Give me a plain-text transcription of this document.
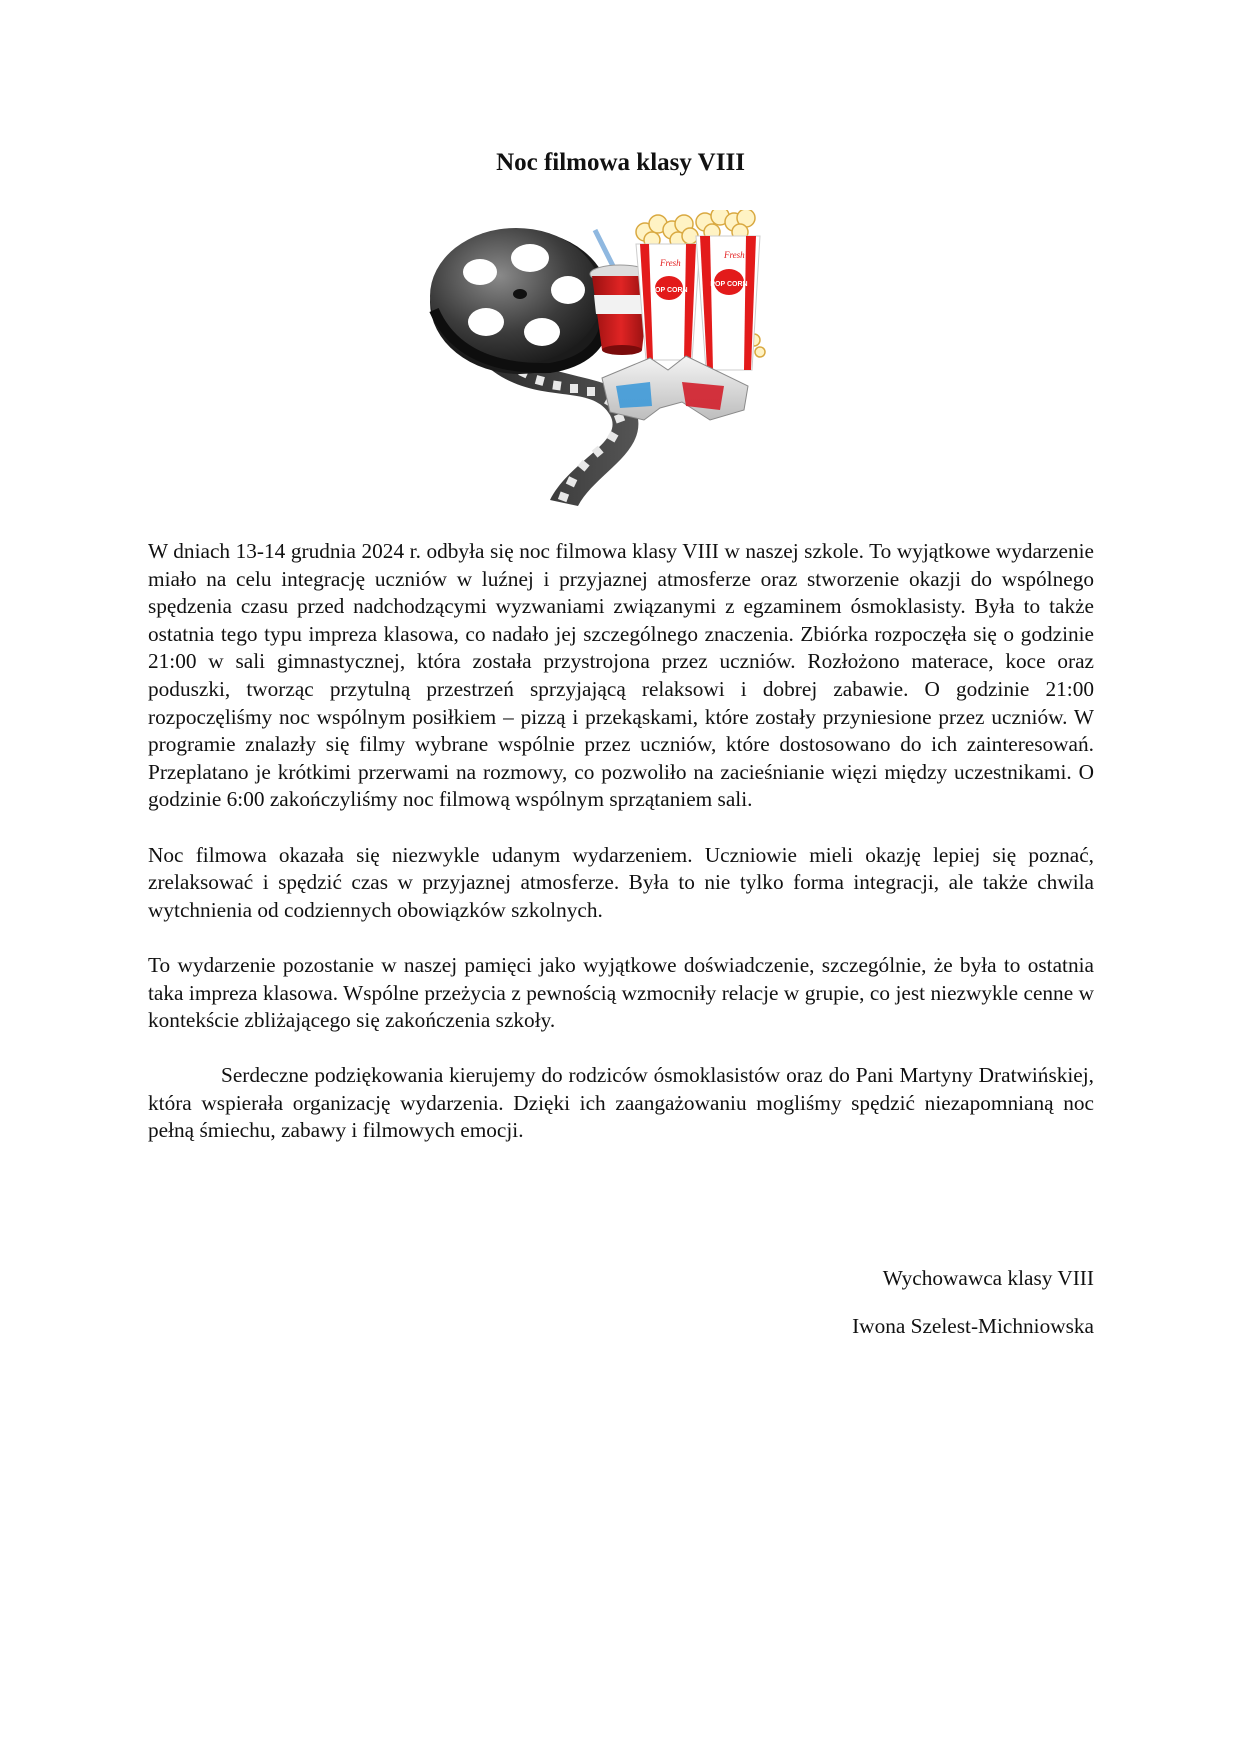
Noc filmowa klasy VIII
Fresh
POP CORN
Fresh
POP CORN

W dniach 13-14 grudnia 2024 r. odbyła się noc filmowa klasy VIII w naszej szkole. To wyjątkowe wydarzenie miało na celu integrację uczniów w luźnej i przyjaznej atmosferze oraz stworzenie okazji do wspólnego spędzenia czasu przed nadchodzącymi wyzwaniami związanymi z egzaminem ósmoklasisty. Była to także ostatnia tego typu impreza klasowa, co nadało jej szczególnego znaczenia. Zbiórka rozpoczęła się o godzinie 21:00 w sali gimnastycznej, która została przystrojona przez uczniów. Rozłożono materace, koce oraz poduszki, tworząc przytulną przestrzeń sprzyjającą relaksowi i dobrej zabawie. O godzinie 21:00 rozpoczęliśmy noc wspólnym posiłkiem – pizzą i przekąskami, które zostały przyniesione przez uczniów. W programie znalazły się filmy wybrane wspólnie przez uczniów, które dostosowano do ich zainteresowań. Przeplatano je krótkimi przerwami na rozmowy, co pozwoliło na zacieśnianie więzi między uczestnikami. O godzinie 6:00 zakończyliśmy noc filmową wspólnym sprzątaniem sali.

Noc filmowa okazała się niezwykle udanym wydarzeniem. Uczniowie mieli okazję lepiej się poznać, zrelaksować i spędzić czas w przyjaznej atmosferze. Była to nie tylko forma integracji, ale także chwila wytchnienia od codziennych obowiązków szkolnych.

To wydarzenie pozostanie w naszej pamięci jako wyjątkowe doświadczenie, szczególnie, że była to ostatnia taka impreza klasowa. Wspólne przeżycia z pewnością wzmocniły relacje w grupie, co jest niezwykle cenne w kontekście zbliżającego się zakończenia szkoły.

Serdeczne podziękowania kierujemy do rodziców ósmoklasistów oraz do Pani Martyny Dratwińskiej, która wspierała organizację wydarzenia. Dzięki ich zaangażowaniu mogliśmy spędzić niezapomnianą noc pełną śmiechu, zabawy i filmowych emocji.

Wychowawca klasy VIII
Iwona Szelest-Michniowska
